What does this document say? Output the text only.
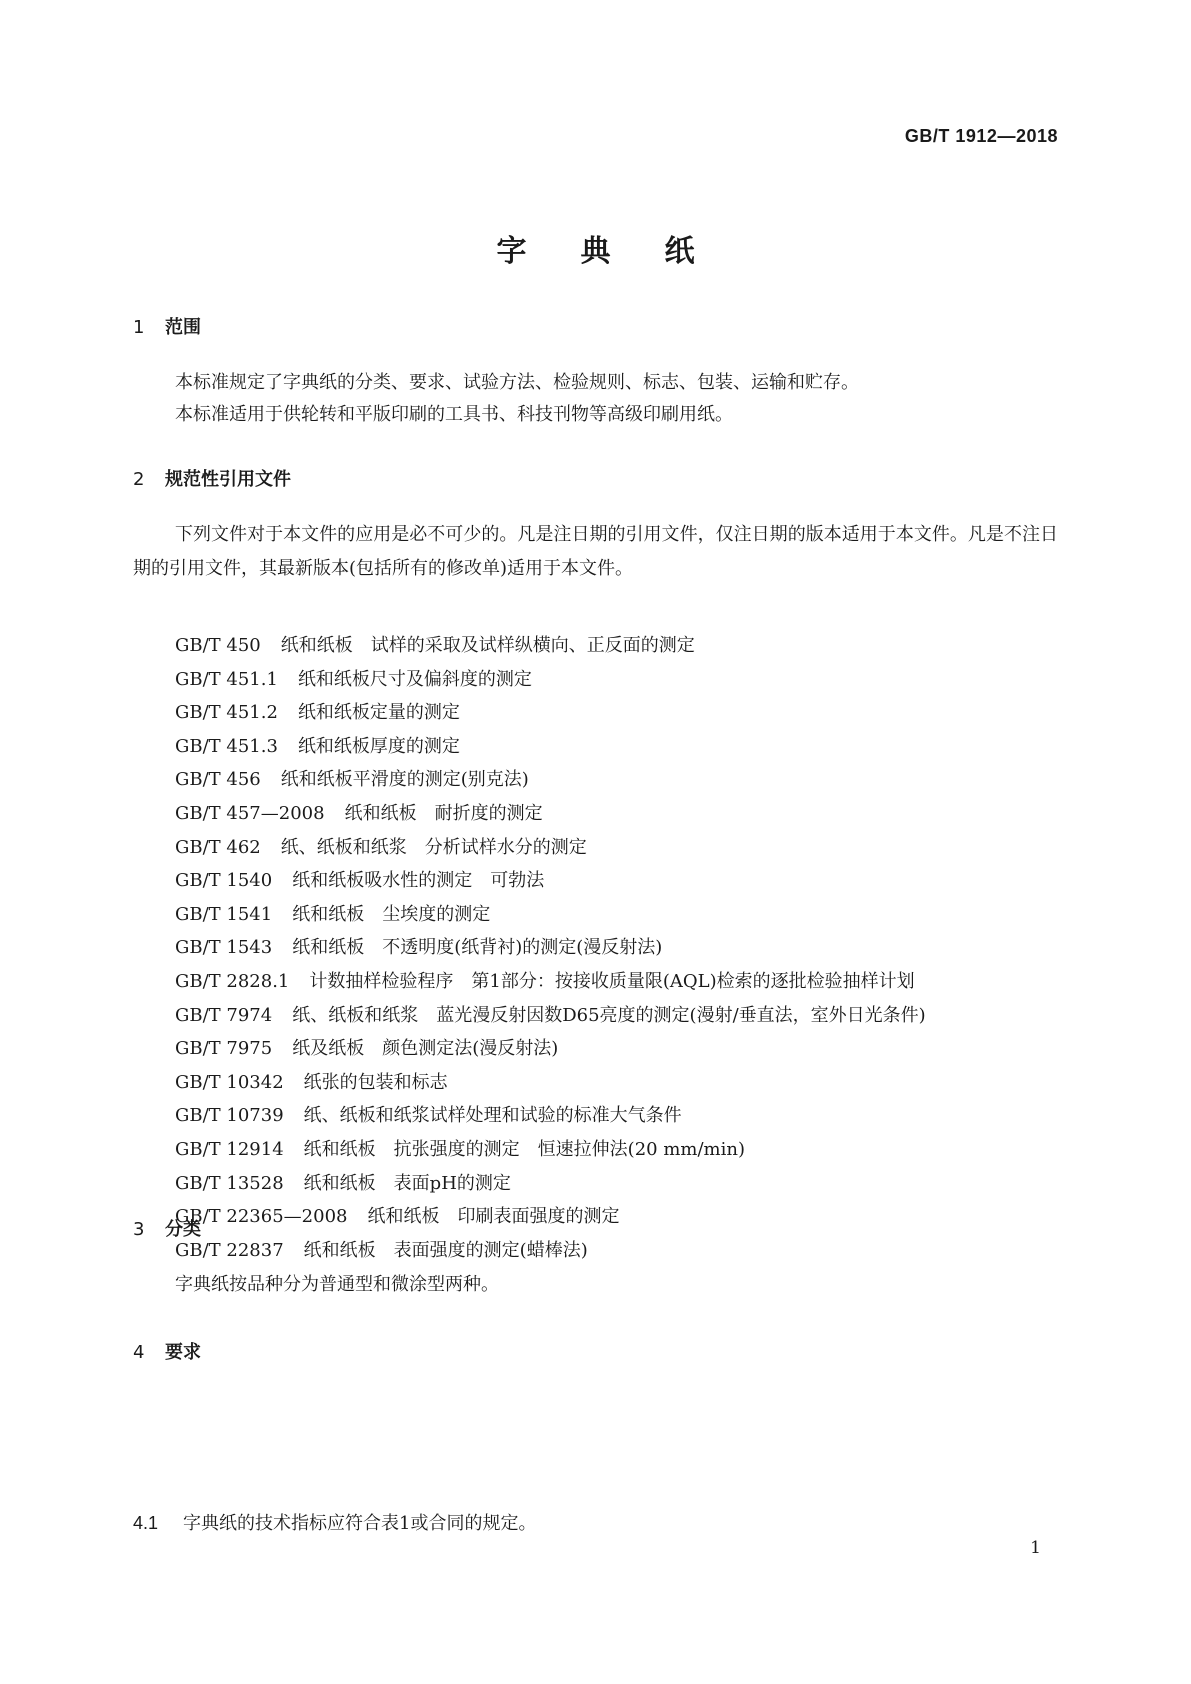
GB/T 1912—2018
字典纸
1 范围
本标准规定了字典纸的分类、要求、试验方法、检验规则、标志、包装、运输和贮存。
本标准适用于供轮转和平版印刷的工具书、科技刊物等高级印刷用纸。
2 规范性引用文件
下列文件对于本文件的应用是必不可少的。凡是注日期的引用文件，仅注日期的版本适用于本文件。凡是不注日期的引用文件，其最新版本(包括所有的修改单)适用于本文件。
GB/T 450 纸和纸板　试样的采取及试样纵横向、正反面的测定
GB/T 451.1 纸和纸板尺寸及偏斜度的测定
GB/T 451.2 纸和纸板定量的测定
GB/T 451.3 纸和纸板厚度的测定
GB/T 456 纸和纸板平滑度的测定(别克法)
GB/T 457—2008 纸和纸板　耐折度的测定
GB/T 462 纸、纸板和纸浆　分析试样水分的测定
GB/T 1540 纸和纸板吸水性的测定　可勃法
GB/T 1541 纸和纸板　尘埃度的测定
GB/T 1543 纸和纸板　不透明度(纸背衬)的测定(漫反射法)
GB/T 2828.1 计数抽样检验程序　第1部分：按接收质量限(AQL)检索的逐批检验抽样计划
GB/T 7974 纸、纸板和纸浆　蓝光漫反射因数D65亮度的测定(漫射/垂直法，室外日光条件)
GB/T 7975 纸及纸板　颜色测定法(漫反射法)
GB/T 10342 纸张的包装和标志
GB/T 10739 纸、纸板和纸浆试样处理和试验的标准大气条件
GB/T 12914 纸和纸板　抗张强度的测定　恒速拉伸法(20 mm/min)
GB/T 13528 纸和纸板　表面pH的测定
GB/T 22365—2008 纸和纸板　印刷表面强度的测定
GB/T 22837 纸和纸板　表面强度的测定(蜡棒法)
3 分类
字典纸按品种分为普通型和微涂型两种。
4 要求
4.1 字典纸的技术指标应符合表1或合同的规定。
1
